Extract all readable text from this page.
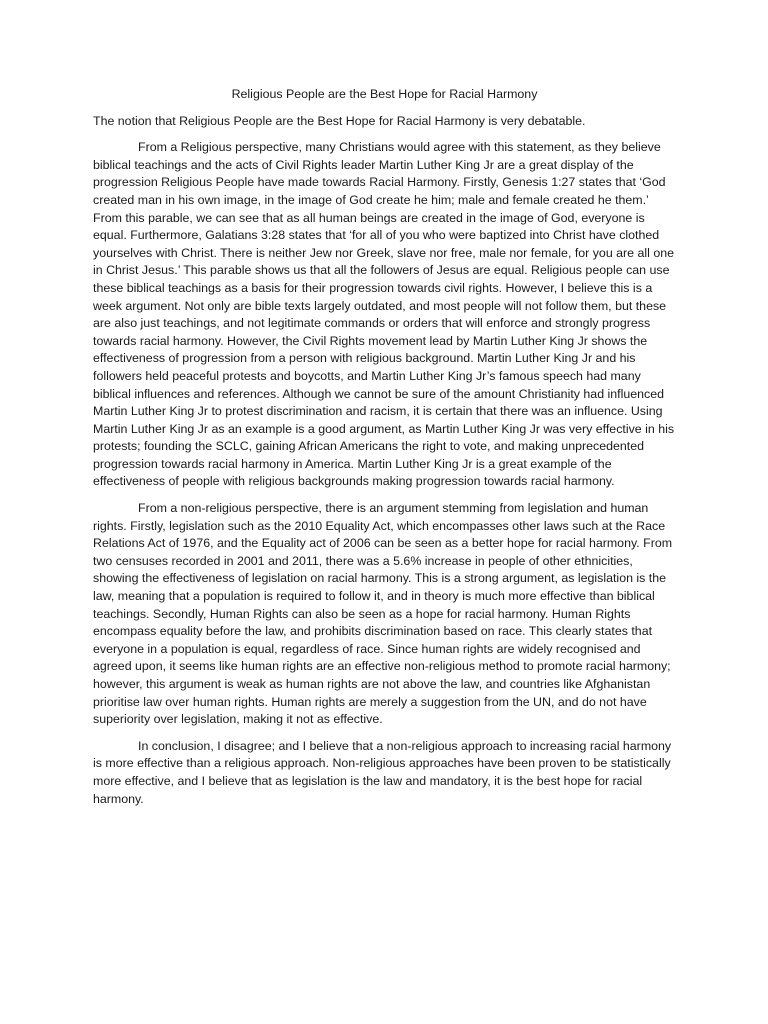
Religious People are the Best Hope for Racial Harmony

The notion that Religious People are the Best Hope for Racial Harmony is very debatable.

From a Religious perspective, many Christians would agree with this statement, as they believe biblical teachings and the acts of Civil Rights leader Martin Luther King Jr are a great display of the progression Religious People have made towards Racial Harmony. Firstly, Genesis 1:27 states that ‘God created man in his own image, in the image of God create he him; male and female created he them.’ From this parable, we can see that as all human beings are created in the image of God, everyone is equal. Furthermore, Galatians 3:28 states that ‘for all of you who were baptized into Christ have clothed yourselves with Christ. There is neither Jew nor Greek, slave nor free, male nor female, for you are all one in Christ Jesus.’ This parable shows us that all the followers of Jesus are equal. Religious people can use these biblical teachings as a basis for their progression towards civil rights. However, I believe this is a week argument. Not only are bible texts largely outdated, and most people will not follow them, but these are also just teachings, and not legitimate commands or orders that will enforce and strongly progress towards racial harmony. However, the Civil Rights movement lead by Martin Luther King Jr shows the effectiveness of progression from a person with religious background. Martin Luther King Jr and his followers held peaceful protests and boycotts, and Martin Luther King Jr’s famous speech had many biblical influences and references. Although we cannot be sure of the amount Christianity had influenced Martin Luther King Jr to protest discrimination and racism, it is certain that there was an influence. Using Martin Luther King Jr as an example is a good argument, as Martin Luther King Jr was very effective in his protests; founding the SCLC, gaining African Americans the right to vote, and making unprecedented progression towards racial harmony in America. Martin Luther King Jr is a great example of the effectiveness of people with religious backgrounds making progression towards racial harmony.

From a non-religious perspective, there is an argument stemming from legislation and human rights. Firstly, legislation such as the 2010 Equality Act, which encompasses other laws such at the Race Relations Act of 1976, and the Equality act of 2006 can be seen as a better hope for racial harmony. From two censuses recorded in 2001 and 2011, there was a 5.6% increase in people of other ethnicities, showing the effectiveness of legislation on racial harmony. This is a strong argument, as legislation is the law, meaning that a population is required to follow it, and in theory is much more effective than biblical teachings. Secondly, Human Rights can also be seen as a hope for racial harmony. Human Rights encompass equality before the law, and prohibits discrimination based on race. This clearly states that everyone in a population is equal, regardless of race. Since human rights are widely recognised and agreed upon, it seems like human rights are an effective non-religious method to promote racial harmony; however, this argument is weak as human rights are not above the law, and countries like Afghanistan prioritise law over human rights. Human rights are merely a suggestion from the UN, and do not have superiority over legislation, making it not as effective.

In conclusion, I disagree; and I believe that a non-religious approach to increasing racial harmony is more effective than a religious approach. Non-religious approaches have been proven to be statistically more effective, and I believe that as legislation is the law and mandatory, it is the best hope for racial harmony.
